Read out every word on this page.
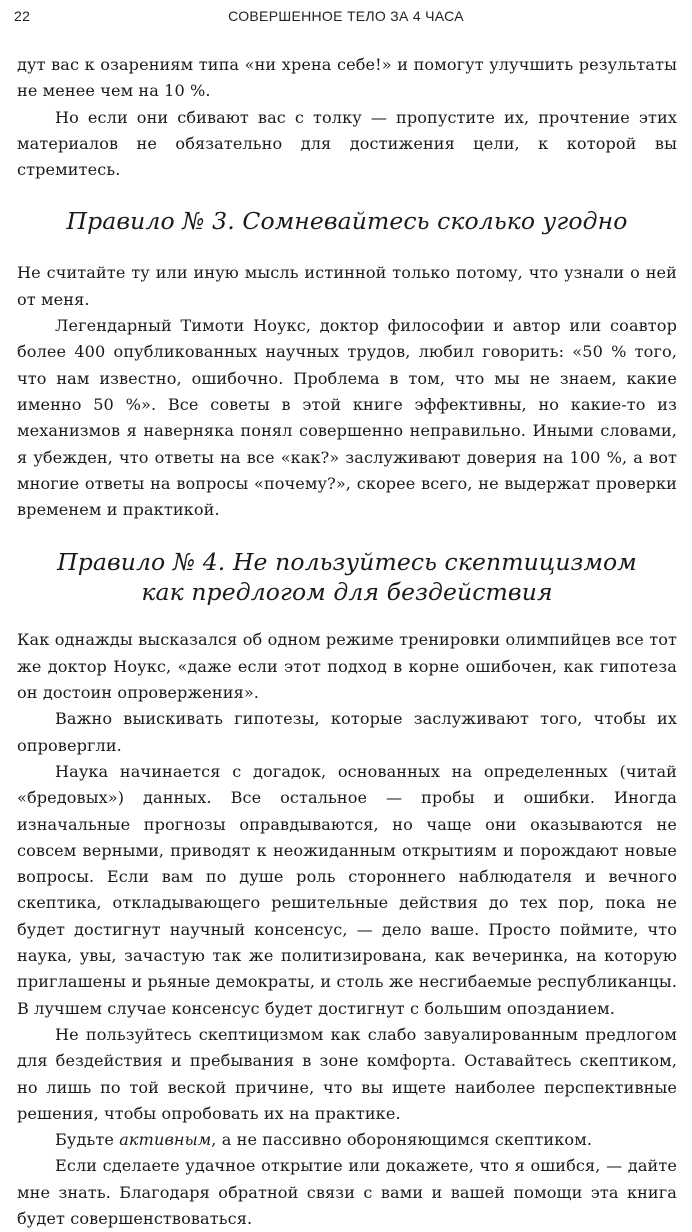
22	СОВЕРШЕННОЕ ТЕЛО ЗА 4 ЧАСА

дут вас к озарениям типа «ни хрена себе!» и помогут улучшить результаты не менее чем на 10 %.

Но если они сбивают вас с толку — пропустите их, прочтение этих материалов не обязательно для достижения цели, к которой вы стремитесь.

Правило № 3. Сомневайтесь сколько угодно

Не считайте ту или иную мысль истинной только потому, что узнали о ней от меня.

Легендарный Тимоти Ноукс, доктор философии и автор или соавтор более 400 опубликованных научных трудов, любил говорить: «50 % того, что нам известно, ошибочно. Проблема в том, что мы не знаем, какие именно 50 %». Все советы в этой книге эффективны, но какие-то из механизмов я наверняка понял совершенно неправильно. Иными словами, я убежден, что ответы на все «как?» заслуживают доверия на 100 %, а вот многие ответы на вопросы «почему?», скорее всего, не выдержат проверки временем и практикой.

Правило № 4. Не пользуйтесь скептицизмом
как предлогом для бездействия

Как однажды высказался об одном режиме тренировки олимпийцев все тот же доктор Ноукс, «даже если этот подход в корне ошибочен, как гипотеза он достоин опровержения».

Важно выискивать гипотезы, которые заслуживают того, чтобы их опровергли.

Наука начинается с догадок, основанных на определенных (читай «бредовых») данных. Все остальное — пробы и ошибки. Иногда изначальные прогнозы оправдываются, но чаще они оказываются не совсем верными, приводят к неожиданным открытиям и порождают новые вопросы. Если вам по душе роль стороннего наблюдателя и вечного скептика, откладывающего решительные действия до тех пор, пока не будет достигнут научный консенсус, — дело ваше. Просто поймите, что наука, увы, зачастую так же политизирована, как вечеринка, на которую приглашены и рьяные демократы, и столь же несгибаемые республиканцы. В лучшем случае консенсус будет достигнут с большим опозданием.

Не пользуйтесь скептицизмом как слабо завуалированным предлогом для бездействия и пребывания в зоне комфорта. Оставайтесь скептиком, но лишь по той веской причине, что вы ищете наиболее перспективные решения, чтобы опробовать их на практике.

Будьте активным, а не пассивно обороняющимся скептиком.

Если сделаете удачное открытие или докажете, что я ошибся, — дайте мне знать. Благодаря обратной связи с вами и вашей помощи эта книга будет совершенствоваться.
